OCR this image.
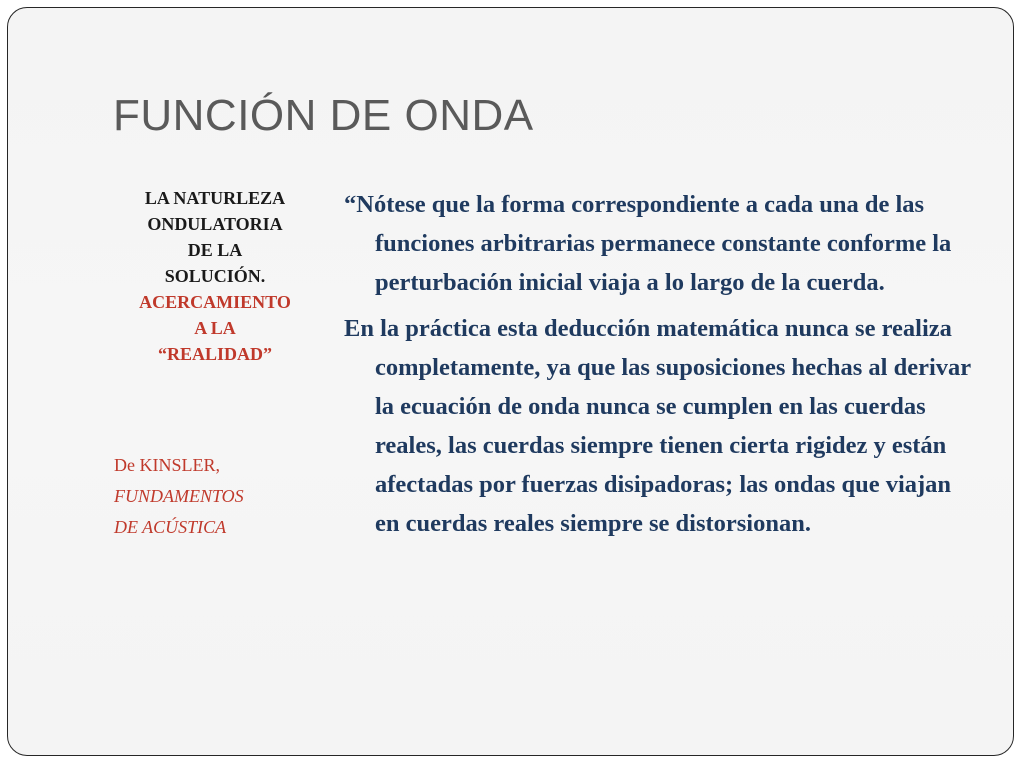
FUNCIÓN DE ONDA
LA NATURLEZA
ONDULATORIA
DE LA
SOLUCIÓN.
ACERCAMIENTO
A LA
“REALIDAD”
De KINSLER,
FUNDAMENTOS
DE ACÚSTICA

“Nótese que la forma correspondiente a cada una de las funciones arbitrarias permanece constante conforme la perturbación inicial viaja a lo largo de la cuerda.

En la práctica esta deducción matemática nunca se realiza completamente, ya que las suposiciones hechas al derivar la ecuación de onda nunca se cumplen en las cuerdas reales, las cuerdas siempre tienen cierta rigidez y están afectadas por fuerzas disipadoras; las ondas que viajan en cuerdas reales siempre se distorsionan.
